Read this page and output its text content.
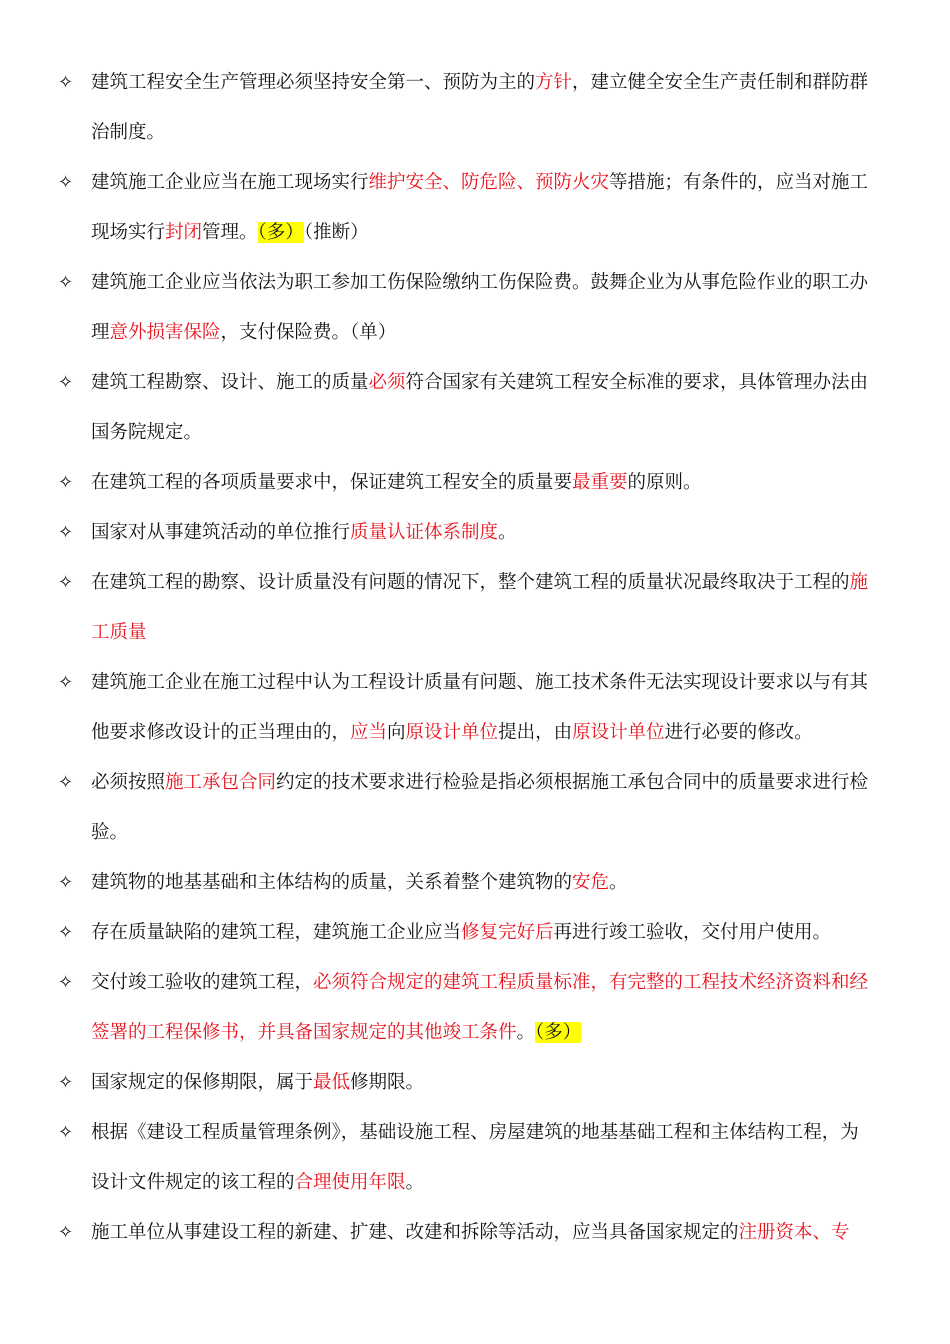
✧ 建筑工程安全生产管理必须坚持安全第一、预防为主的方针，建立健全安全生产责任制和群防群治制度。
✧ 建筑施工企业应当在施工现场实行维护安全、防危险、预防火灾等措施；有条件的，应当对施工现场实行封闭管理。（多）（推断）
✧ 建筑施工企业应当依法为职工参加工伤保险缴纳工伤保险费。鼓舞企业为从事危险作业的职工办理意外损害保险，支付保险费。（单）
✧ 建筑工程勘察、设计、施工的质量必须符合国家有关建筑工程安全标准的要求，具体管理办法由国务院规定。
✧ 在建筑工程的各项质量要求中，保证建筑工程安全的质量要最重要的原则。
✧ 国家对从事建筑活动的单位推行质量认证体系制度。
✧ 在建筑工程的勘察、设计质量没有问题的情况下，整个建筑工程的质量状况最终取决于工程的施工质量
✧ 建筑施工企业在施工过程中认为工程设计质量有问题、施工技术条件无法实现设计要求以与有其他要求修改设计的正当理由的，应当向原设计单位提出，由原设计单位进行必要的修改。
✧ 必须按照施工承包合同约定的技术要求进行检验是指必须根据施工承包合同中的质量要求进行检验。
✧ 建筑物的地基基础和主体结构的质量，关系着整个建筑物的安危。
✧ 存在质量缺陷的建筑工程，建筑施工企业应当修复完好后再进行竣工验收，交付用户使用。
✧ 交付竣工验收的建筑工程，必须符合规定的建筑工程质量标准，有完整的工程技术经济资料和经签署的工程保修书，并具备国家规定的其他竣工条件。（多）
✧ 国家规定的保修期限，属于最低修期限。
✧ 根据《建设工程质量管理条例》，基础设施工程、房屋建筑的地基基础工程和主体结构工程，为设计文件规定的该工程的合理使用年限。
✧ 施工单位从事建设工程的新建、扩建、改建和拆除等活动，应当具备国家规定的注册资本、专
